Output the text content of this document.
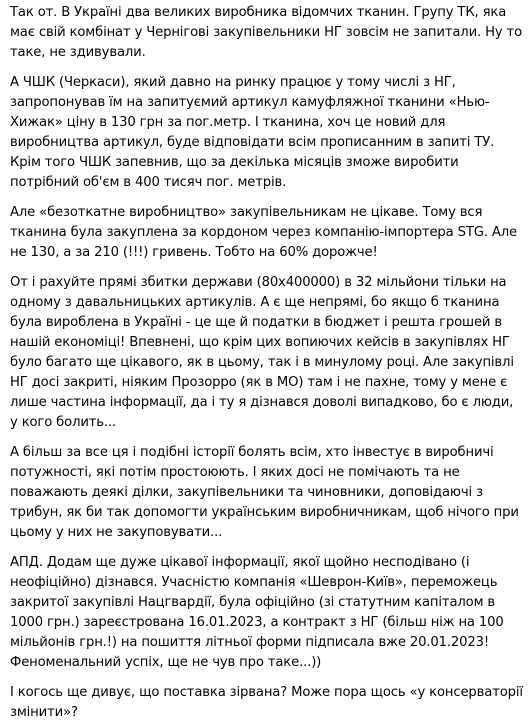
Так от. В Україні два великих виробника відомчих тканин. Групу ТК, яка має свій комбінат у Чернігові закупівельники НГ зовсім не запитали. Ну то таке, не здивували.

А ЧШК (Черкаси), який давно на ринку працює у тому числі з НГ, запропонував їм на запитуємий артикул камуфляжної тканини «Нью-Хижак» ціну в 130 грн за пог.метр. І тканина, хоч це новий для виробництва артикул, буде відповідати всім прописанним в запиті ТУ. Крім того ЧШК запевнив, що за декілька місяців зможе виробити потрібний об'єм в 400 тисяч пог. метрів.

Але «безоткатне виробництво» закупівельникам не цікаве. Тому вся тканина була закуплена за кордоном через компанію-імпортера STG. Але не 130, а за 210 (!!!) гривень. Тобто на 60% дорожче!

От і рахуйте прямі збитки держави (80х400000) в 32 мільйони тільки на одному з давальницьких артикулів. А є ще непрямі, бо якщо б тканина була вироблена в Україні - це ще й податки в бюджет і решта грошей в нашій економіці! Впевнені, що крім цих вопиючих кейсів в закупівлях НГ було багато ще цікавого, як в цьому, так і в минулому році. Але закупівлі НГ досі закриті, ніяким Прозорро (як в МО) там і не пахне, тому у мене є лише частина інформації, да і ту я дізнався доволі випадково, бо є люди, у кого болить...

А більш за все ця і подібні історії болять всім, хто інвестує в виробничі потужності, які потім простоюють. І яких досі не помічають та не поважають деякі ділки, закупівельники та чиновники, доповідаючі з трибун, як би так допомогти українським виробничникам, щоб нічого при цьому у них не закуповувати...

АПД. Додам ще дуже цікавої інформації, якої щойно несподівано (і неофіційно) дізнався. Учасністю компанія «Шеврон-Київ», переможець закритої закупівлі Нацгвардії, була офіційно (зі статутним капіталом в 1000 грн.) зареєстрована 16.01.2023, а контракт з НГ (більш ніж на 100 мільйонів грн.!) на пошиття літньої форми підписала вже 20.01.2023! Феноменальний успіх, ще не чув про таке...))

І когось ще дивує, що поставка зірвана? Може пора щось «у консерваторії змінити»?
